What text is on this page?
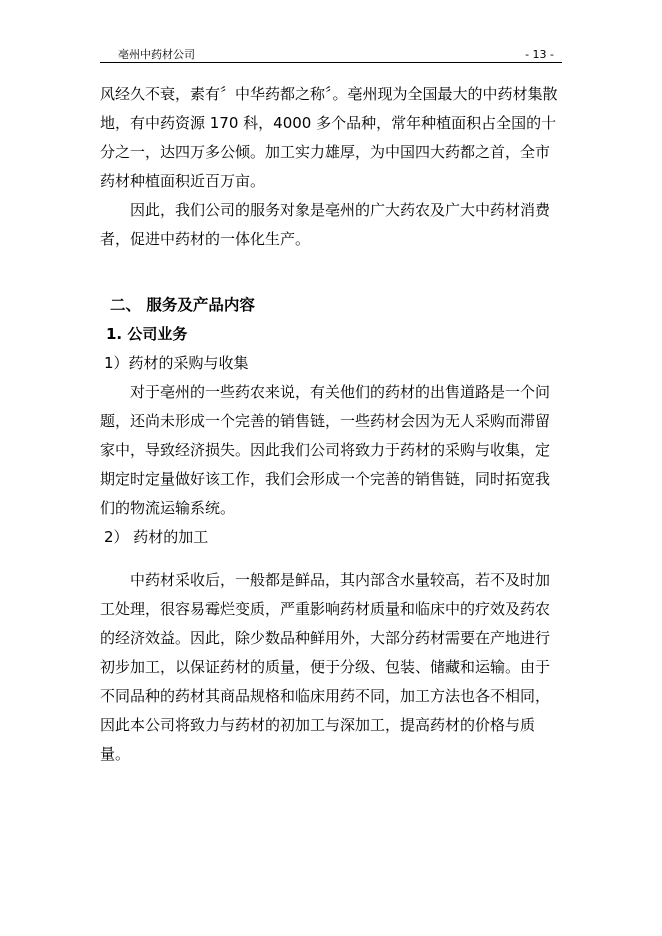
亳州中药材公司	- 13 -

风经久不衰，素有〞中华药都之称〞。亳州现为全国最大的中药材集散地，有中药资源 170 科，4000 多个品种，常年种植面积占全国的十分之一，达四万多公倾。加工实力雄厚，为中国四大药都之首，全市药材种植面积近百万亩。

因此，我们公司的服务对象是亳州的广大药农及广大中药材消费者，促进中药材的一体化生产。

二、 服务及产品内容

1. 公司业务

1）药材的采购与收集

对于亳州的一些药农来说，有关他们的药材的出售道路是一个问题，还尚未形成一个完善的销售链，一些药材会因为无人采购而滞留家中，导致经济损失。因此我们公司将致力于药材的采购与收集，定期定时定量做好该工作，我们会形成一个完善的销售链，同时拓宽我们的物流运输系统。

2） 药材的加工

中药材采收后，一般都是鲜品，其内部含水量较高，若不及时加工处理，很容易霉烂变质，严重影响药材质量和临床中的疗效及药农的经济效益。因此，除少数品种鲜用外，大部分药材需要在产地进行初步加工，以保证药材的质量，便于分级、包装、储藏和运输。由于不同品种的药材其商品规格和临床用药不同，加工方法也各不相同，因此本公司将致力与药材的初加工与深加工，提高药材的价格与质量。
